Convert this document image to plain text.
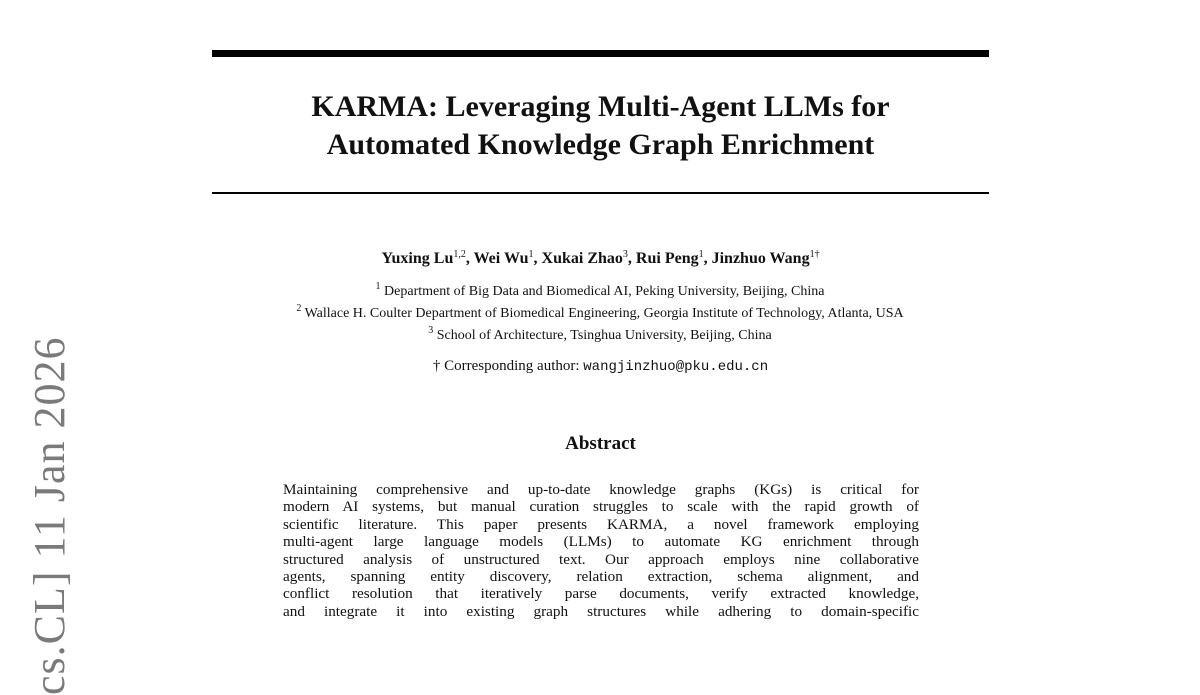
cs.CL] 11 Jan 2026
KARMA: Leveraging Multi-Agent LLMs for
Automated Knowledge Graph Enrichment
Yuxing Lu$^{1,2}$, Wei Wu$^1$, Xukai Zhao$^3$, Rui Peng$^1$, Jinzhuo Wang$^{1\dagger}$
$^1$ Department of Big Data and Biomedical AI, Peking University, Beijing, China
$^2$ Wallace H. Coulter Department of Biomedical Engineering, Georgia Institute of Technology, Atlanta, USA
$^3$ School of Architecture, Tsinghua University, Beijing, China
† Corresponding author: wangjinzhuo@pku.edu.cn
Abstract
Maintaining comprehensive and up-to-date knowledge graphs (KGs) is critical for
modern AI systems, but manual curation struggles to scale with the rapid growth of
scientific literature. This paper presents KARMA, a novel framework employing
multi-agent large language models (LLMs) to automate KG enrichment through
structured analysis of unstructured text. Our approach employs nine collaborative
agents, spanning entity discovery, relation extraction, schema alignment, and
conflict resolution that iteratively parse documents, verify extracted knowledge,
and integrate it into existing graph structures while adhering to domain-specific
